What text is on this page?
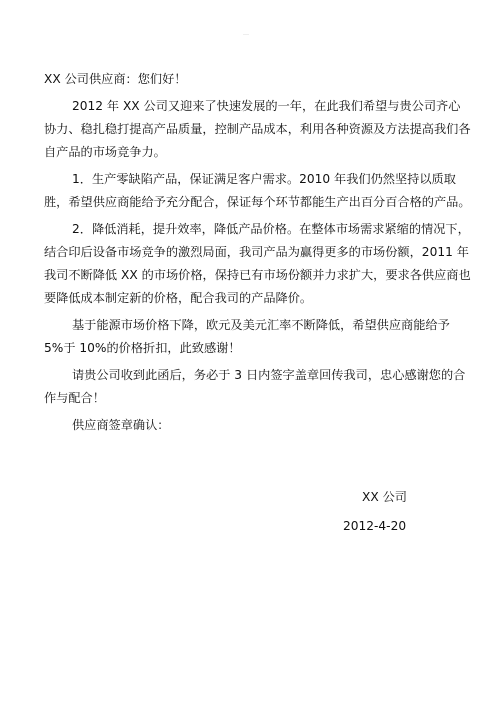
…

XX 公司供应商：您们好！

2012 年 XX 公司又迎来了快速发展的一年，在此我们希望与贵公司齐心协力、稳扎稳打提高产品质量，控制产品成本，利用各种资源及方法提高我们各自产品的市场竞争力。

1．生产零缺陷产品，保证满足客户需求。2010 年我们仍然坚持以质取胜，希望供应商能给予充分配合，保证每个环节都能生产出百分百合格的产品。

2．降低消耗，提升效率，降低产品价格。在整体市场需求紧缩的情况下，结合印后设备市场竞争的激烈局面，我司产品为赢得更多的市场份额，2011 年我司不断降低 XX 的市场价格，保持已有市场份额并力求扩大，要求各供应商也要降低成本制定新的价格，配合我司的产品降价。

基于能源市场价格下降，欧元及美元汇率不断降低，希望供应商能给予 5%于 10%的价格折扣，此致感谢！

请贵公司收到此函后，务必于 3 日内签字盖章回传我司，忠心感谢您的合作与配合！

供应商签章确认：

XX 公司
2012-4-20
